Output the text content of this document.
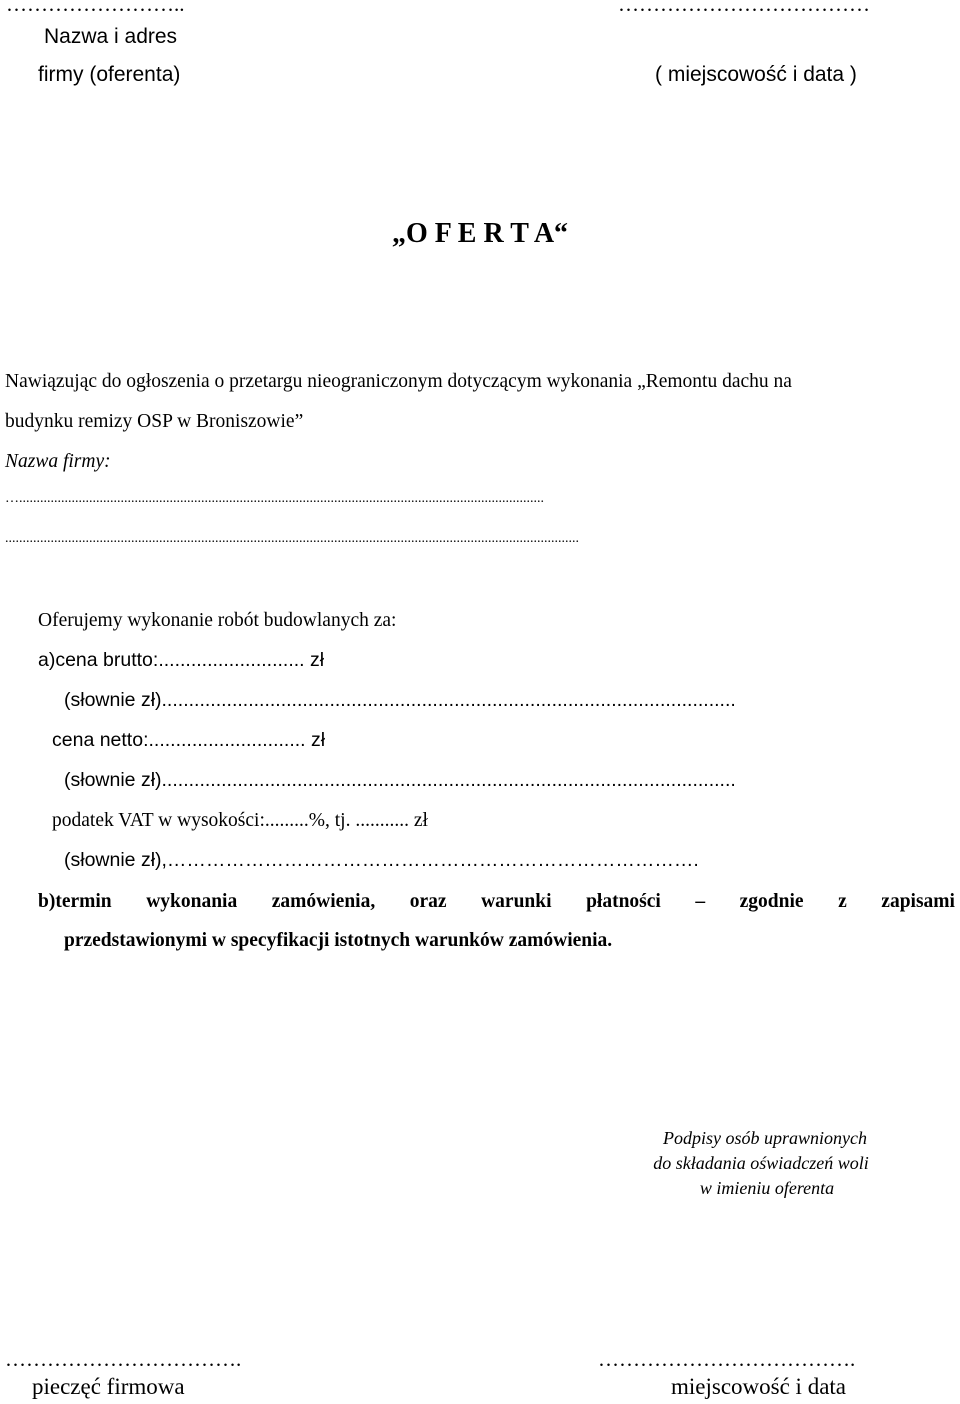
……………………..	………………………………
Nazwa i adres
firmy (oferenta)	( miejscowość i data )
„O F E R T A“
Nawiązując do ogłoszenia o przetargu nieograniczonym dotyczącym wykonania „Remontu dachu na
budynku remizy OSP w Broniszowie”
Nazwa firmy:
…......................................................................................................................................................
....................................................................................................................................................................
Oferujemy wykonanie robót budowlanych za:
a)cena brutto:........................... zł
(słownie zł)..........................................................................................................
cena netto:............................. zł
(słownie zł)..........................................................................................................
podatek VAT w wysokości:.........%, tj. ........... zł
(słownie zł),……………………………………………………………………….
b)termin wykonania zamówienia, oraz warunki płatności – zgodnie z zapisami
przedstawionymi w specyfikacji istotnych warunków zamówienia.
Podpisy osób uprawnionych
do składania oświadczeń woli
w imieniu oferenta
…………………………….	……………………………….
pieczęć firmowa	miejscowość i data
